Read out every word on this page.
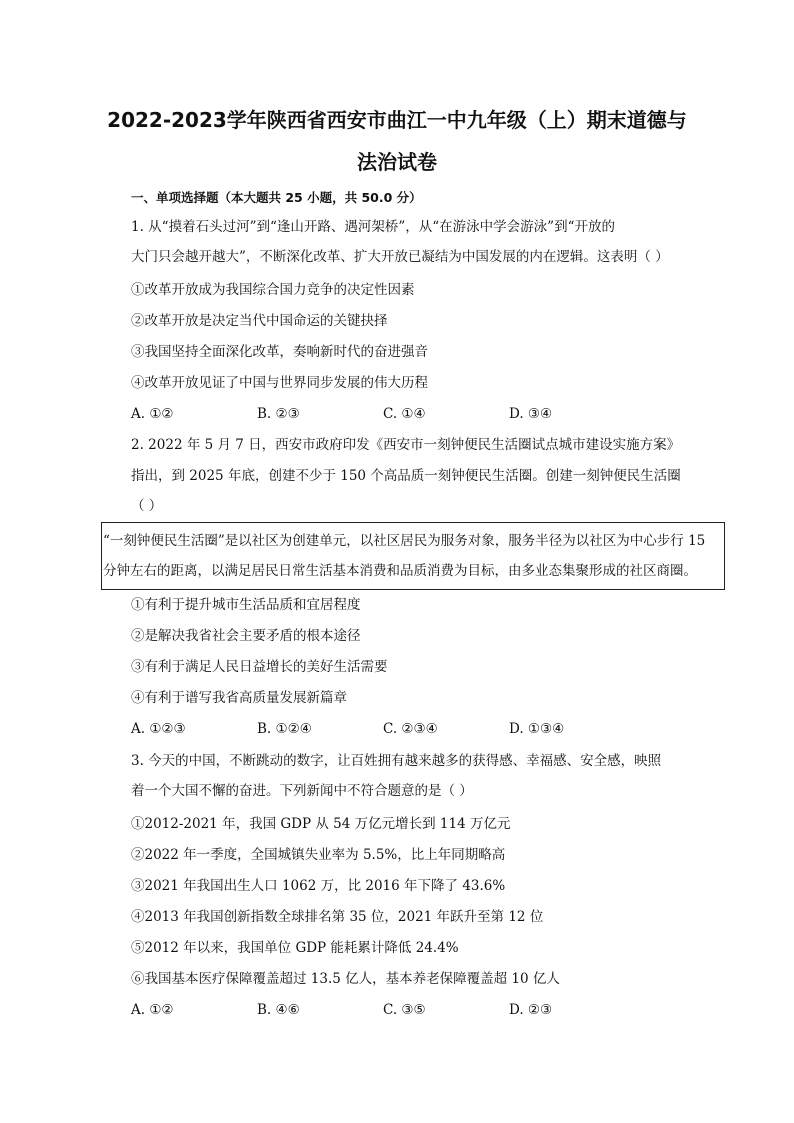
2022-2023学年陕西省西安市曲江一中九年级（上）期末道德与
法治试卷
一、单项选择题（本大题共 25 小题，共 50.0 分）
1. 从“摸着石头过河”到“逢山开路、遇河架桥”，从“在游泳中学会游泳”到“开放的
大门只会越开越大”，不断深化改革、扩大开放已凝结为中国发展的内在逻辑。这表明（ ）
①改革开放成为我国综合国力竞争的决定性因素
②改革开放是决定当代中国命运的关键抉择
③我国坚持全面深化改革，奏响新时代的奋进强音
④改革开放见证了中国与世界同步发展的伟大历程
A. ①②	B. ②③	C. ①④	D. ③④
2. 2022 年 5 月 7 日，西安市政府印发《西安市一刻钟便民生活圈试点城市建设实施方案》
指出，到 2025 年底，创建不少于 150 个高品质一刻钟便民生活圈。创建一刻钟便民生活圈
（ ）
“一刻钟便民生活圈”是以社区为创建单元，以社区居民为服务对象，服务半径为以社区为中心步行 15
分钟左右的距离，以满足居民日常生活基本消费和品质消费为目标，由多业态集聚形成的社区商圈。
①有利于提升城市生活品质和宜居程度
②是解决我省社会主要矛盾的根本途径
③有利于满足人民日益增长的美好生活需要
④有利于谱写我省高质量发展新篇章
A. ①②③	B. ①②④	C. ②③④	D. ①③④
3. 今天的中国，不断跳动的数字，让百姓拥有越来越多的获得感、幸福感、安全感，映照
着一个大国不懈的奋进。下列新闻中不符合题意的是（ ）
①2012-2021 年，我国 GDP 从 54 万亿元增长到 114 万亿元
②2022 年一季度，全国城镇失业率为 5.5%，比上年同期略高
③2021 年我国出生人口 1062 万，比 2016 年下降了 43.6%
④2013 年我国创新指数全球排名第 35 位，2021 年跃升至第 12 位
⑤2012 年以来，我国单位 GDP 能耗累计降低 24.4%
⑥我国基本医疗保障覆盖超过 13.5 亿人，基本养老保障覆盖超 10 亿人
A. ①②	B. ④⑥	C. ③⑤	D. ②③
